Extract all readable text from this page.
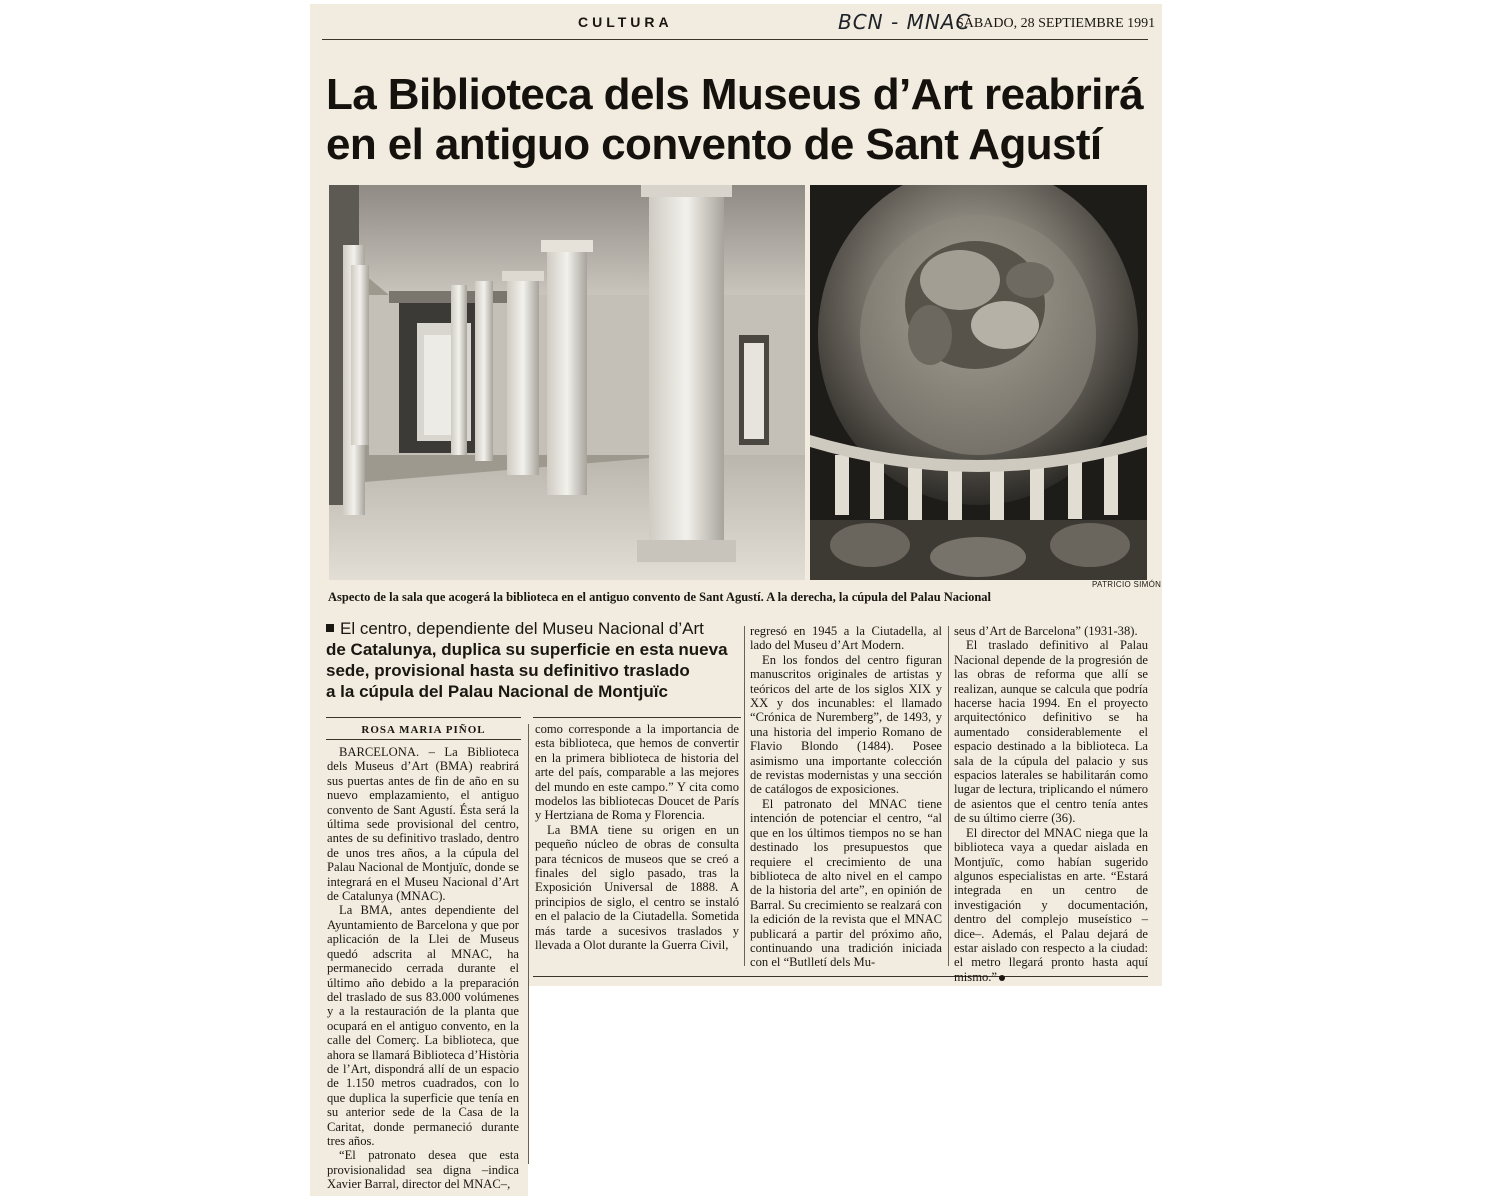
CULTURA	BCN - MNAC
SÁBADO, 28 SEPTIEMBRE 1991
La Biblioteca dels Museus d’Art reabrirá
en el antiguo convento de Sant Agustí
PATRICIO SIMÓN
Aspecto de la sala que acogerá la biblioteca en el antiguo convento de Sant Agustí. A la derecha, la cúpula del Palau Nacional
El centro, dependiente del Museu Nacional d’Art
de Catalunya, duplica su superficie en esta nueva
sede, provisional hasta su definitivo traslado
a la cúpula del Palau Nacional de Montjuïc
ROSA MARIA PIÑOL

BARCELONA. – La Biblioteca dels Museus d’Art (BMA) reabrirá sus puertas antes de fin de año en su nuevo emplazamiento, el antiguo convento de Sant Agustí. Ésta será la última sede provisional del centro, antes de su definitivo traslado, dentro de unos tres años, a la cúpula del Palau Nacional de Montjuïc, donde se integrará en el Museu Nacional d’Art de Catalunya (MNAC).

La BMA, antes dependiente del Ayuntamiento de Barcelona y que por aplicación de la Llei de Museus quedó adscrita al MNAC, ha permanecido cerrada durante el último año debido a la preparación del traslado de sus 83.000 volúmenes y a la restauración de la planta que ocupará en el antiguo convento, en la calle del Comerç. La biblioteca, que ahora se llamará Biblioteca d’Història de l’Art, dispondrá allí de un espacio de 1.150 metros cuadrados, con lo que duplica la superficie que tenía en su anterior sede de la Casa de la Caritat, donde permaneció durante tres años.

“El patronato desea que esta provisionalidad sea digna –indica Xavier Barral, director del MNAC–,

como corresponde a la importancia de esta biblioteca, que hemos de convertir en la primera biblioteca de historia del arte del país, comparable a las mejores del mundo en este campo.” Y cita como modelos las bibliotecas Doucet de París y Hertziana de Roma y Florencia.

La BMA tiene su origen en un pequeño núcleo de obras de consulta para técnicos de museos que se creó a finales del siglo pasado, tras la Exposición Universal de 1888. A principios de siglo, el centro se instaló en el palacio de la Ciutadella. Sometida más tarde a sucesivos traslados y llevada a Olot durante la Guerra Civil,

regresó en 1945 a la Ciutadella, al lado del Museu d’Art Modern.

En los fondos del centro figuran manuscritos originales de artistas y teóricos del arte de los siglos XIX y XX y dos incunables: el llamado “Crónica de Nuremberg”, de 1493, y una historia del imperio Romano de Flavio Blondo (1484). Posee asimismo una importante colección de revistas modernistas y una sección de catálogos de exposiciones.

El patronato del MNAC tiene intención de potenciar el centro, “al que en los últimos tiempos no se han destinado los presupuestos que requiere el crecimiento de una biblioteca de alto nivel en el campo de la historia del arte”, en opinión de Barral. Su crecimiento se realzará con la edición de la revista que el MNAC publicará a partir del próximo año, continuando una tradición iniciada con el “Butlletí dels Mu-

seus d’Art de Barcelona” (1931-38).

El traslado definitivo al Palau Nacional depende de la progresión de las obras de reforma que allí se realizan, aunque se calcula que podría hacerse hacia 1994. En el proyecto arquitectónico definitivo se ha aumentado considerablemente el espacio destinado a la biblioteca. La sala de la cúpula del palacio y sus espacios laterales se habilitarán como lugar de lectura, triplicando el número de asientos que el centro tenía antes de su último cierre (36).

El director del MNAC niega que la biblioteca vaya a quedar aislada en Montjuïc, como habían sugerido algunos especialistas en arte. “Estará integrada en un centro de investigación y documentación, dentro del complejo museístico –dice–. Además, el Palau dejará de estar aislado con respecto a la ciudad: el metro llegará pronto hasta aquí mismo.”
